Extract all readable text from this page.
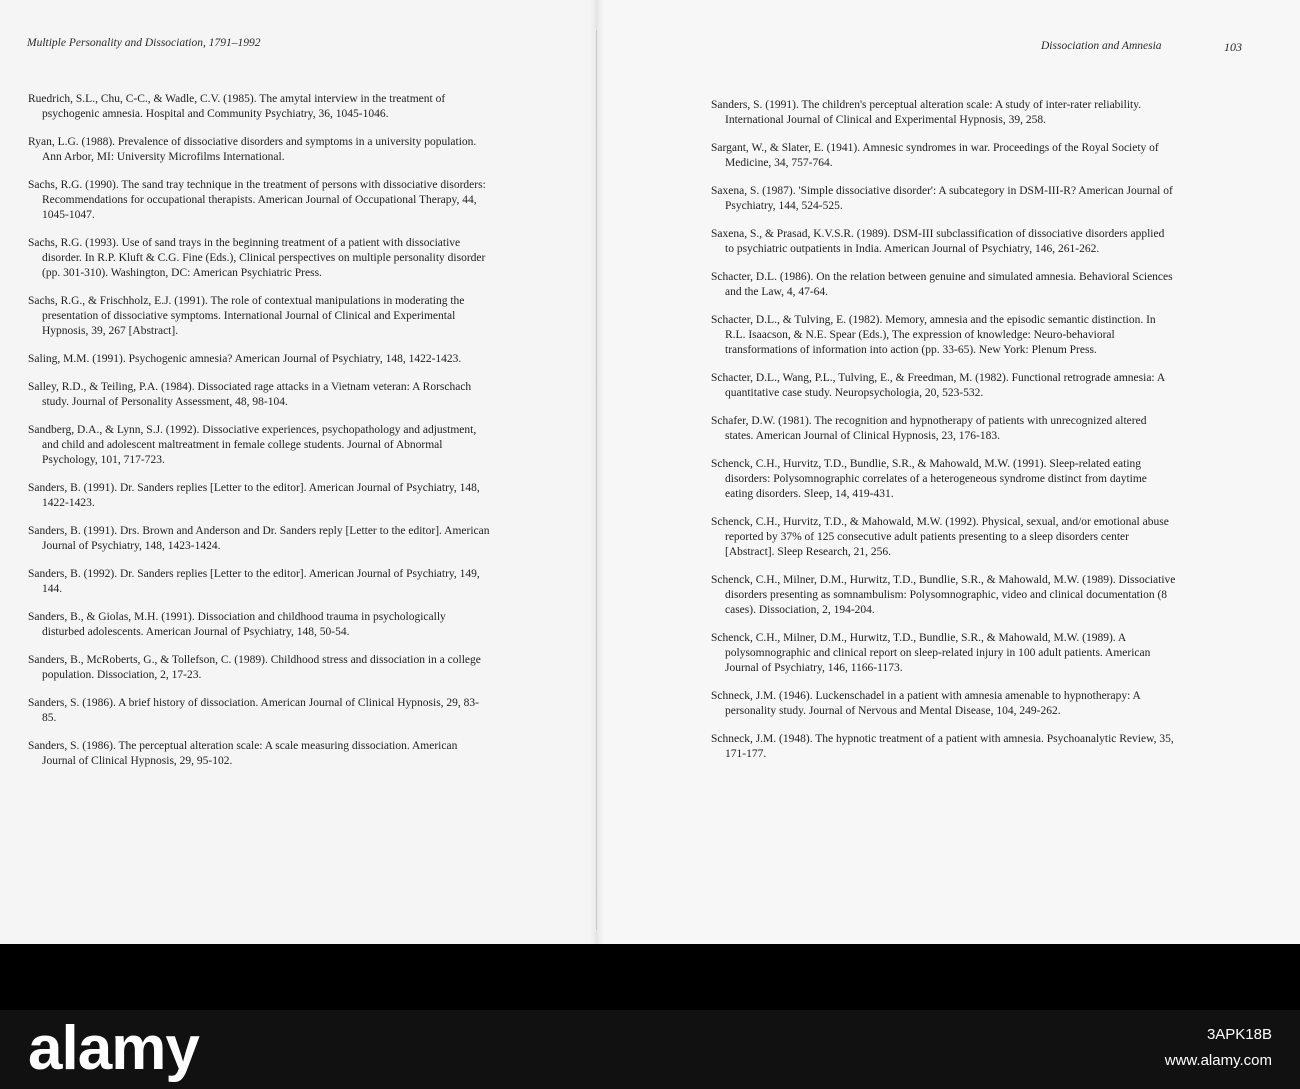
Multiple Personality and Dissociation, 1791–1992	Dissociation and Amnesia	103

Ruedrich, S.L., Chu, C-C., & Wadle, C.V. (1985). The amytal interview in the treatment of psychogenic amnesia. Hospital and Community Psychiatry, 36, 1045-1046.

Ryan, L.G. (1988). Prevalence of dissociative disorders and symptoms in a university population. Ann Arbor, MI: University Microfilms International.

Sachs, R.G. (1990). The sand tray technique in the treatment of persons with dissociative disorders: Recommendations for occupational therapists. American Journal of Occupational Therapy, 44, 1045-1047.

Sachs, R.G. (1993). Use of sand trays in the beginning treatment of a patient with dissociative disorder. In R.P. Kluft & C.G. Fine (Eds.), Clinical perspectives on multiple personality disorder (pp. 301-310). Washington, DC: American Psychiatric Press.

Sachs, R.G., & Frischholz, E.J. (1991). The role of contextual manipulations in moderating the presentation of dissociative symptoms. International Journal of Clinical and Experimental Hypnosis, 39, 267 [Abstract].

Saling, M.M. (1991). Psychogenic amnesia? American Journal of Psychiatry, 148, 1422-1423.

Salley, R.D., & Teiling, P.A. (1984). Dissociated rage attacks in a Vietnam veteran: A Rorschach study. Journal of Personality Assessment, 48, 98-104.

Sandberg, D.A., & Lynn, S.J. (1992). Dissociative experiences, psychopathology and adjustment, and child and adolescent maltreatment in female college students. Journal of Abnormal Psychology, 101, 717-723.

Sanders, B. (1991). Dr. Sanders replies [Letter to the editor]. American Journal of Psychiatry, 148, 1422-1423.

Sanders, B. (1991). Drs. Brown and Anderson and Dr. Sanders reply [Letter to the editor]. American Journal of Psychiatry, 148, 1423-1424.

Sanders, B. (1992). Dr. Sanders replies [Letter to the editor]. American Journal of Psychiatry, 149, 144.

Sanders, B., & Giolas, M.H. (1991). Dissociation and childhood trauma in psychologically disturbed adolescents. American Journal of Psychiatry, 148, 50-54.

Sanders, B., McRoberts, G., & Tollefson, C. (1989). Childhood stress and dissociation in a college population. Dissociation, 2, 17-23.

Sanders, S. (1986). A brief history of dissociation. American Journal of Clinical Hypnosis, 29, 83-85.

Sanders, S. (1986). The perceptual alteration scale: A scale measuring dissociation. American Journal of Clinical Hypnosis, 29, 95-102.

Sanders, S. (1991). The children's perceptual alteration scale: A study of inter-rater reliability. International Journal of Clinical and Experimental Hypnosis, 39, 258.

Sargant, W., & Slater, E. (1941). Amnesic syndromes in war. Proceedings of the Royal Society of Medicine, 34, 757-764.

Saxena, S. (1987). 'Simple dissociative disorder': A subcategory in DSM-III-R? American Journal of Psychiatry, 144, 524-525.

Saxena, S., & Prasad, K.V.S.R. (1989). DSM-III subclassification of dissociative disorders applied to psychiatric outpatients in India. American Journal of Psychiatry, 146, 261-262.

Schacter, D.L. (1986). On the relation between genuine and simulated amnesia. Behavioral Sciences and the Law, 4, 47-64.

Schacter, D.L., & Tulving, E. (1982). Memory, amnesia and the episodic semantic distinction. In R.L. Isaacson, & N.E. Spear (Eds.), The expression of knowledge: Neuro-behavioral transformations of information into action (pp. 33-65). New York: Plenum Press.

Schacter, D.L., Wang, P.L., Tulving, E., & Freedman, M. (1982). Functional retrograde amnesia: A quantitative case study. Neuropsychologia, 20, 523-532.

Schafer, D.W. (1981). The recognition and hypnotherapy of patients with unrecognized altered states. American Journal of Clinical Hypnosis, 23, 176-183.

Schenck, C.H., Hurvitz, T.D., Bundlie, S.R., & Mahowald, M.W. (1991). Sleep-related eating disorders: Polysomnographic correlates of a heterogeneous syndrome distinct from daytime eating disorders. Sleep, 14, 419-431.

Schenck, C.H., Hurvitz, T.D., & Mahowald, M.W. (1992). Physical, sexual, and/or emotional abuse reported by 37% of 125 consecutive adult patients presenting to a sleep disorders center [Abstract]. Sleep Research, 21, 256.

Schenck, C.H., Milner, D.M., Hurwitz, T.D., Bundlie, S.R., & Mahowald, M.W. (1989). Dissociative disorders presenting as somnambulism: Polysomnographic, video and clinical documentation (8 cases). Dissociation, 2, 194-204.

Schenck, C.H., Milner, D.M., Hurwitz, T.D., Bundlie, S.R., & Mahowald, M.W. (1989). A polysomnographic and clinical report on sleep-related injury in 100 adult patients. American Journal of Psychiatry, 146, 1166-1173.

Schneck, J.M. (1946). Luckenschadel in a patient with amnesia amenable to hypnotherapy: A personality study. Journal of Nervous and Mental Disease, 104, 249-262.

Schneck, J.M. (1948). The hypnotic treatment of a patient with amnesia. Psychoanalytic Review, 35, 171-177.

alamy	3APK18B
www.alamy.com
